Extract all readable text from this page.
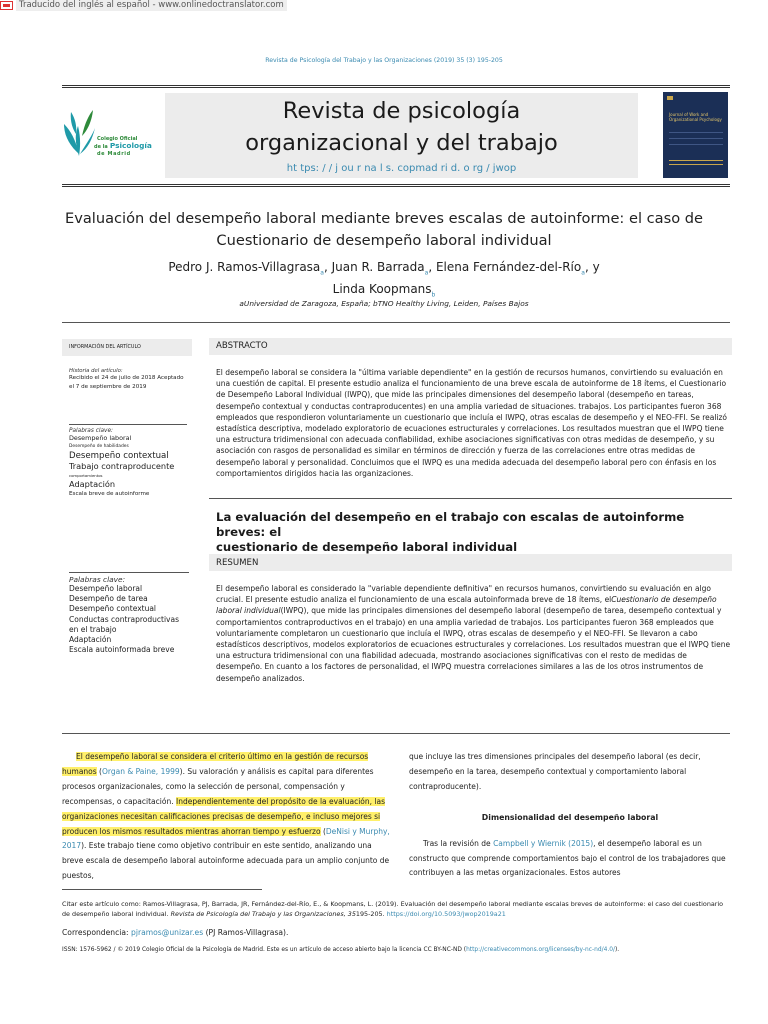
Traducido del inglés al español - www.onlinedoctranslator.com
Revista de Psicología del Trabajo y las Organizaciones (2019) 35 (3) 195-205
Colegio Oficial
de la Psicología
de Madrid
Revista de psicología
organizacional y del trabajo
ht tps: / / j ou r na l s. copmad ri d. o rg / jwop
Journal of Work and Organizational Psychology
Evaluación del desempeño laboral mediante breves escalas de autoinforme: el caso de
Cuestionario de desempeño laboral individual
Pedro J. Ramos-Villagrasa$_a$, Juan R. Barrada$_a$, Elena Fernández-del-Río$_a$, y
Linda Koopmans$_b$
aUniversidad de Zaragoza, España; bTNO Healthy Living, Leiden, Países Bajos
INFORMACIÓN DEL ARTÍCULO
Historia del artículo:
Recibido el 24 de julio de 2018 Aceptado el 7 de septiembre de 2019
Palabras clave:
Desempeño laboral
Desempeño de habilidades
Desempeño contextual
Trabajo contraproducente
comportamientos
Adaptación
Escala breve de autoinforme
ABSTRACTO
El desempeño laboral se considera la "última variable dependiente" en la gestión de recursos humanos, convirtiendo su evaluación en una cuestión de capital. El presente estudio analiza el funcionamiento de una breve escala de autoinforme de 18 ítems, el Cuestionario de Desempeño Laboral Individual (IWPQ), que mide las principales dimensiones del desempeño laboral (desempeño en tareas, desempeño contextual y conductas contraproducentes) en una amplia variedad de situaciones. trabajos. Los participantes fueron 368 empleados que respondieron voluntariamente un cuestionario que incluía el IWPQ, otras escalas de desempeño y el NEO-FFI. Se realizó estadística descriptiva, modelado exploratorio de ecuaciones estructurales y correlaciones. Los resultados muestran que el IWPQ tiene una estructura tridimensional con adecuada confiabilidad, exhibe asociaciones significativas con otras medidas de desempeño, y su asociación con rasgos de personalidad es similar en términos de dirección y fuerza de las correlaciones entre otras medidas de desempeño laboral y personalidad. Concluimos que el IWPQ es una medida adecuada del desempeño laboral pero con énfasis en los comportamientos dirigidos hacia las organizaciones.
La evaluación del desempeño en el trabajo con escalas de autoinforme breves: el
cuestionario de desempeño laboral individual
RESUMEN
El desempeño laboral es considerado la "variable dependiente definitiva" en recursos humanos, convirtiendo su evaluación en algo crucial. El presente estudio analiza el funcionamiento de una escala autoinformada breve de 18 ítems, elCuestionario de desempeño laboral individual(IWPQ), que mide las principales dimensiones del desempeño laboral (desempeño de tarea, desempeño contextual y comportamientos contraproductivos en el trabajo) en una amplia variedad de trabajos. Los participantes fueron 368 empleados que voluntariamente completaron un cuestionario que incluía el IWPQ, otras escalas de desempeño y el NEO-FFI. Se llevaron a cabo estadísticos descriptivos, modelos exploratorios de ecuaciones estructurales y correlaciones. Los resultados muestran que el IWPQ tiene una estructura tridimensional con una fiabilidad adecuada, mostrando asociaciones significativas con el resto de medidas de desempeño. En cuanto a los factores de personalidad, el IWPQ muestra correlaciones similares a las de los otros instrumentos de desempeño analizados.
Palabras clave:
Desempeño laboral
Desempeño de tarea
Desempeño contextual
Conductas contraproductivas
en el trabajo
Adaptación
Escala autoinformada breve
El desempeño laboral se considera el criterio último en la gestión de recursos humanos (Organ & Paine, 1999). Su valoración y análisis es capital para diferentes procesos organizacionales, como la selección de personal, compensación y recompensas, o capacitación. Independientemente del propósito de la evaluación, las organizaciones necesitan calificaciones precisas de desempeño, e incluso mejores si producen los mismos resultados mientras ahorran tiempo y esfuerzo (DeNisi y Murphy, 2017). Este trabajo tiene como objetivo contribuir en este sentido, analizando una breve escala de desempeño laboral autoinforme adecuada para un amplio conjunto de puestos,
que incluye las tres dimensiones principales del desempeño laboral (es decir, desempeño en la tarea, desempeño contextual y comportamiento laboral contraproducente).
Dimensionalidad del desempeño laboral
Tras la revisión de Campbell y Wiernik (2015), el desempeño laboral es un constructo que comprende comportamientos bajo el control de los trabajadores que contribuyen a las metas organizacionales. Estos autores
Citar este artículo como: Ramos-Villagrasa, PJ, Barrada, JR, Fernández-del-Río, E., & Koopmans, L. (2019). Evaluación del desempeño laboral mediante escalas breves de autoinforme: el caso del cuestionario de desempeño laboral individual. Revista de Psicología del Trabajo y las Organizaciones, 35195-205. https://doi.org/10.5093/jwop2019a21
Correspondencia: pjramos@unizar.es (PJ Ramos-Villagrasa).
ISSN: 1576-5962 / © 2019 Colegio Oficial de la Psicología de Madrid. Este es un artículo de acceso abierto bajo la licencia CC BY-NC-ND (http://creativecommons.org/licenses/by-nc-nd/4.0/).
